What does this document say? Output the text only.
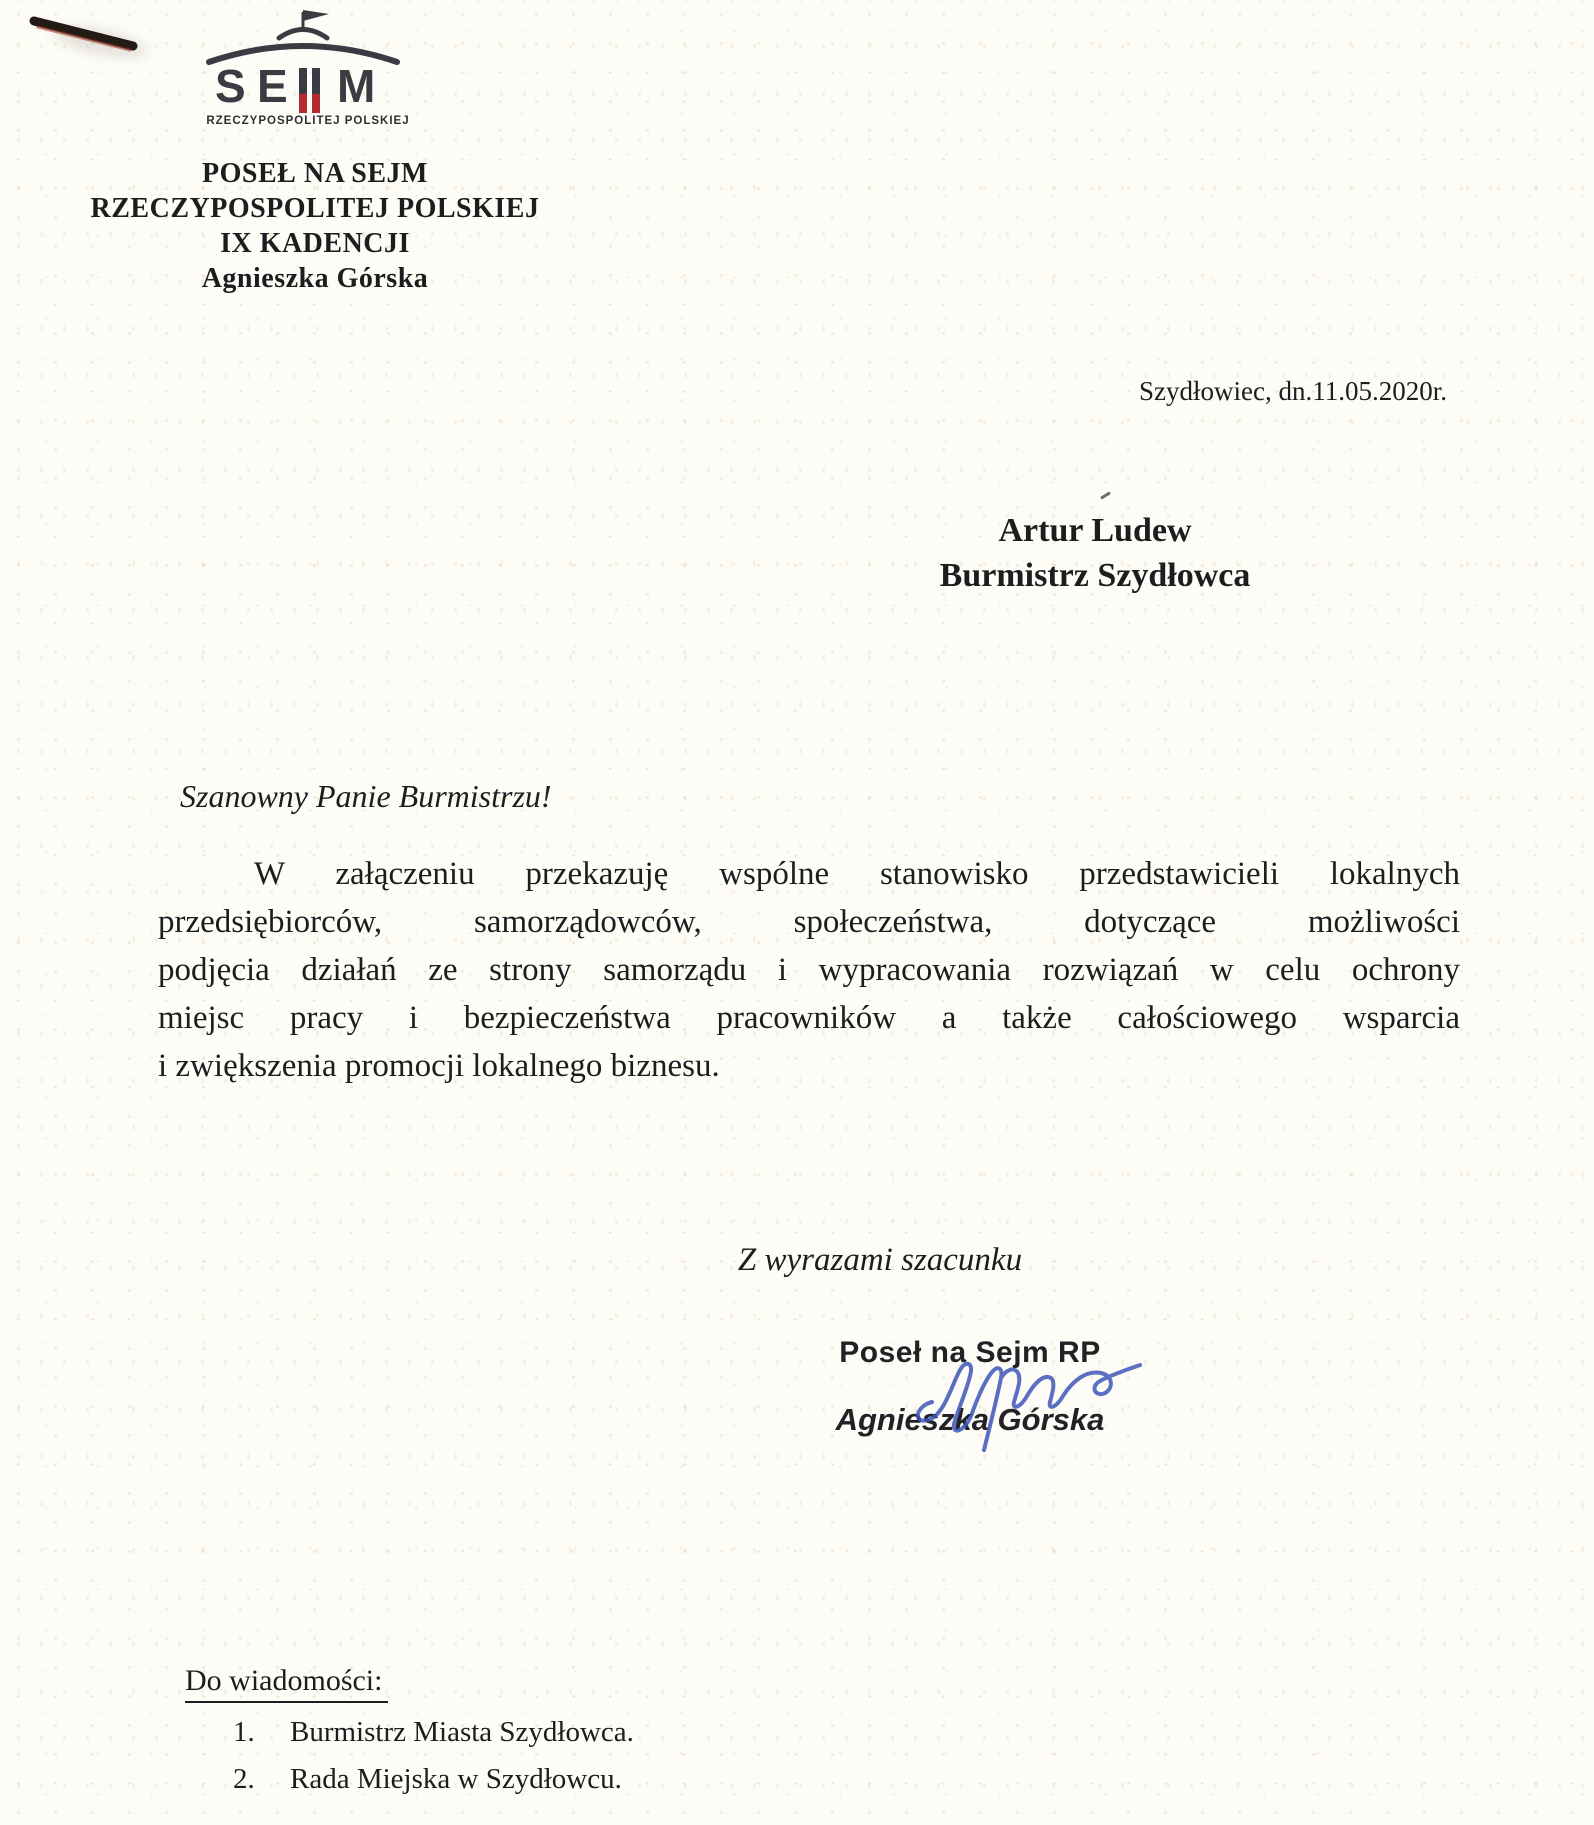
S E M
RZECZYPOSPOLITEJ POLSKIEJ
POSEŁ NA SEJM
RZECZYPOSPOLITEJ POLSKIEJ
IX KADENCJI
Agnieszka Górska
Szydłowiec, dn.11.05.2020r.
Artur Ludew
Burmistrz Szydłowca
Szanowny Panie Burmistrzu!
W załączeniu przekazuję wspólne stanowisko przedstawicieli lokalnych
przedsiębiorców, samorządowców, społeczeństwa, dotyczące możliwości
podjęcia działań ze strony samorządu i wypracowania rozwiązań w celu ochrony
miejsc pracy i bezpieczeństwa pracowników a także całościowego wsparcia
i zwiększenia promocji lokalnego biznesu.
Z wyrazami szacunku
Poseł na Sejm RP
Agnieszka Górska
Do wiadomości:
1.	Burmistrz Miasta Szydłowca.
2.	Rada Miejska w Szydłowcu.
